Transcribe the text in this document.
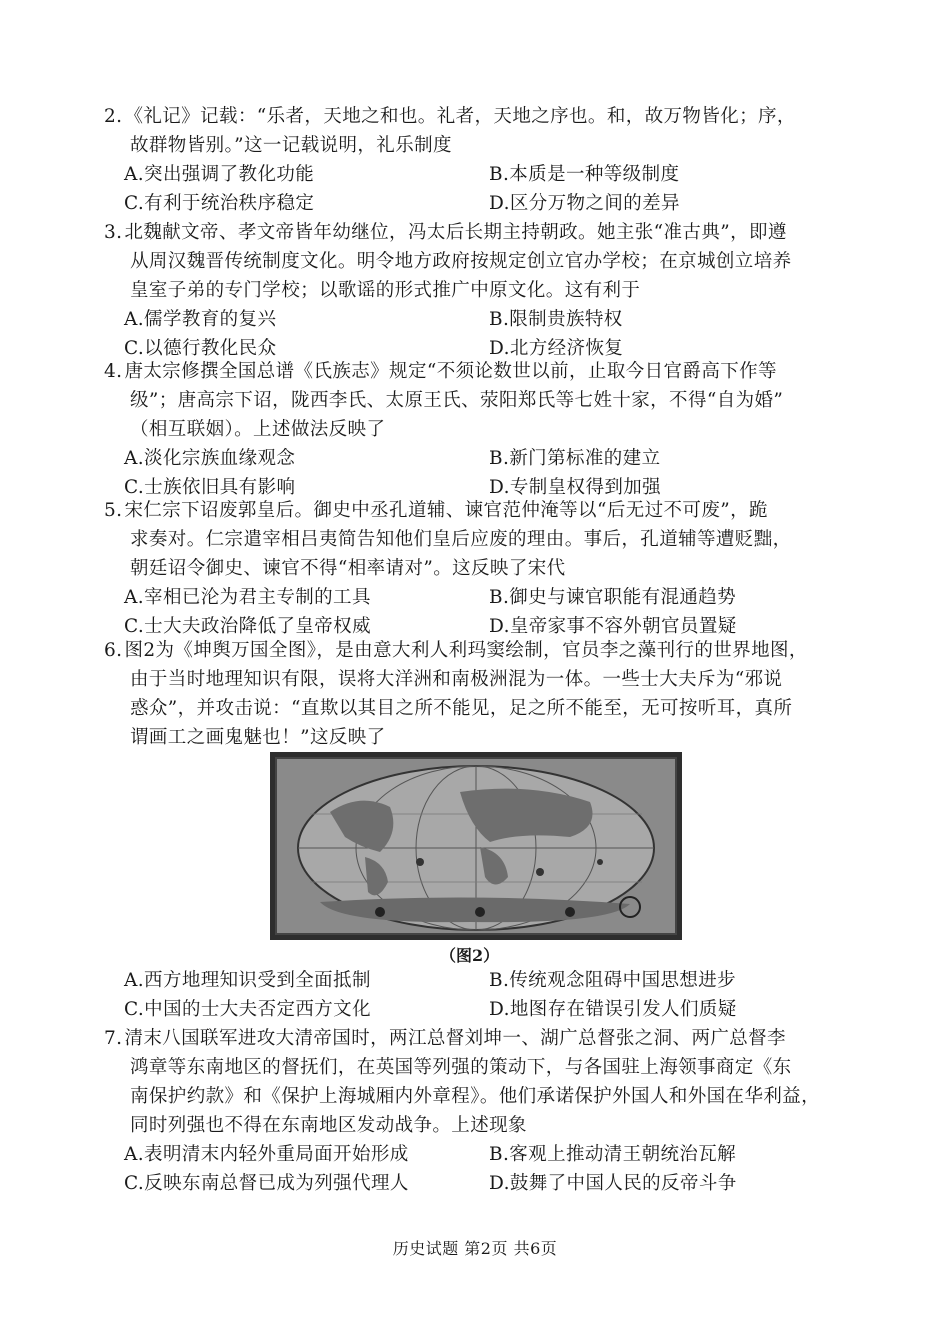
2. 《礼记》记载：“乐者，天地之和也。礼者，天地之序也。和，故万物皆化；序，
故群物皆别。”这一记载说明，礼乐制度

A.突出强调了教化功能	B.本质是一种等级制度
C.有利于统治秩序稳定	D.区分万物之间的差异

3. 北魏献文帝、孝文帝皆年幼继位，冯太后长期主持朝政。她主张“准古典”，即遵
从周汉魏晋传统制度文化。明令地方政府按规定创立官办学校；在京城创立培养
皇室子弟的专门学校；以歌谣的形式推广中原文化。这有利于

A.儒学教育的复兴	B.限制贵族特权
C.以德行教化民众	D.北方经济恢复

4. 唐太宗修撰全国总谱《氏族志》规定“不须论数世以前，止取今日官爵高下作等
级”；唐高宗下诏，陇西李氏、太原王氏、荥阳郑氏等七姓十家，不得“自为婚”
（相互联姻）。上述做法反映了

A.淡化宗族血缘观念	B.新门第标准的建立
C.士族依旧具有影响	D.专制皇权得到加强

5. 宋仁宗下诏废郭皇后。御史中丞孔道辅、谏官范仲淹等以“后无过不可废”，跪
求奏对。仁宗遣宰相吕夷简告知他们皇后应废的理由。事后，孔道辅等遭贬黜，
朝廷诏令御史、谏官不得“相率请对”。这反映了宋代

A.宰相已沦为君主专制的工具	B.御史与谏官职能有混通趋势
C.士大夫政治降低了皇帝权威	D.皇帝家事不容外朝官员置疑

6. 图2为《坤舆万国全图》，是由意大利人利玛窦绘制，官员李之藻刊行的世界地图，
由于当时地理知识有限，误将大洋洲和南极洲混为一体。一些士大夫斥为“邪说
惑众”，并攻击说：“直欺以其目之所不能见，足之所不能至，无可按听耳，真所
谓画工之画鬼魅也！”这反映了

（图2）
A.西方地理知识受到全面抵制	B.传统观念阻碍中国思想进步
C.中国的士大夫否定西方文化	D.地图存在错误引发人们质疑

7. 清末八国联军进攻大清帝国时，两江总督刘坤一、湖广总督张之洞、两广总督李
鸿章等东南地区的督抚们，在英国等列强的策动下，与各国驻上海领事商定《东
南保护约款》和《保护上海城厢内外章程》。他们承诺保护外国人和外国在华利益，
同时列强也不得在东南地区发动战争。上述现象

A.表明清末内轻外重局面开始形成	B.客观上推动清王朝统治瓦解
C.反映东南总督已成为列强代理人	D.鼓舞了中国人民的反帝斗争
历史试题 第2页 共6页
